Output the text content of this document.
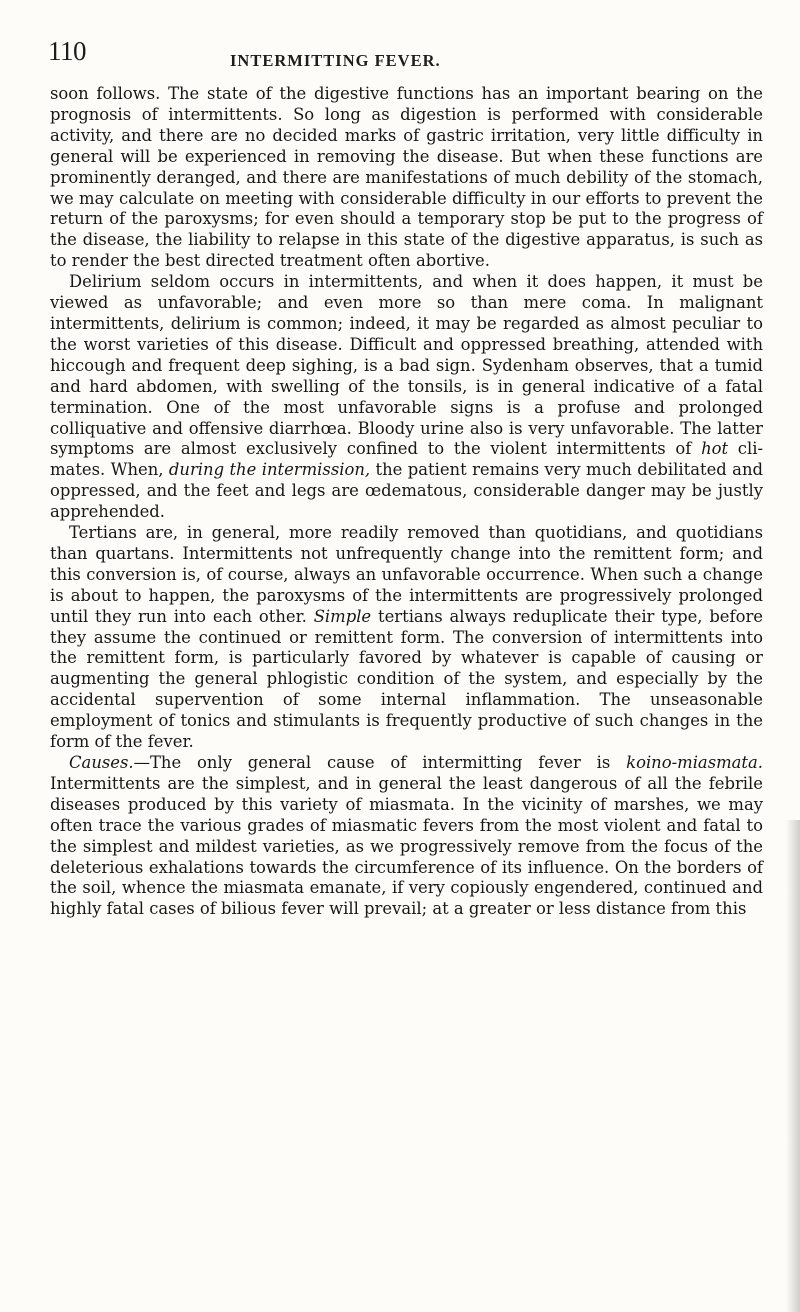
110	INTERMITTING FEVER.

soon follows. The state of the digestive functions has an important bearing on the prognosis of intermittents. So long as digestion is performed with considerable activity, and there are no decided marks of gastric irritation, very little difficulty in general will be experienced in removing the disease. But when these functions are prominently deranged, and there are manifestations of much debility of the stomach, we may calculate on meeting with considerable difficulty in our efforts to prevent the return of the paroxysms; for even should a temporary stop be put to the progress of the disease, the liability to relapse in this state of the digestive apparatus, is such as to render the best directed treatment often abortive.

Delirium seldom occurs in intermittents, and when it does happen, it must be viewed as unfavorable; and even more so than mere coma. In malignant intermittents, delirium is common; indeed, it may be regarded as almost peculiar to the worst varieties of this disease. Difficult and oppressed breathing, attended with hiccough and frequent deep sighing, is a bad sign. Sydenham observes, that a tumid and hard abdomen, with swelling of the tonsils, is in general indicative of a fatal termination. One of the most unfavorable signs is a profuse and prolonged colliquative and offensive diarrhœa. Bloody urine also is very unfavorable. The latter symptoms are almost exclusively confined to the violent intermittents of hot climates. When, during the intermission, the patient remains very much debilitated and oppressed, and the feet and legs are œdematous, considerable danger may be justly apprehended.

Tertians are, in general, more readily removed than quotidians, and quotidians than quartans. Intermittents not unfrequently change into the remittent form; and this conversion is, of course, always an unfavorable occurrence. When such a change is about to happen, the paroxysms of the intermittents are progressively prolonged until they run into each other. Simple tertians always reduplicate their type, before they assume the continued or remittent form. The conversion of intermittents into the remittent form, is particularly favored by whatever is capable of causing or augmenting the general phlogistic condition of the system, and especially by the accidental supervention of some internal inflammation. The unseasonable employment of tonics and stimulants is frequently productive of such changes in the form of the fever.

Causes.—The only general cause of intermitting fever is koino-miasmata. Intermittents are the simplest, and in general the least dangerous of all the febrile diseases produced by this variety of miasmata. In the vicinity of marshes, we may often trace the various grades of miasmatic fevers from the most violent and fatal to the simplest and mildest varieties, as we progressively remove from the focus of the deleterious exhalations towards the circumference of its influence. On the borders of the soil, whence the miasmata emanate, if very copiously engendered, continued and highly fatal cases of bilious fever will prevail; at a greater or less distance from this
